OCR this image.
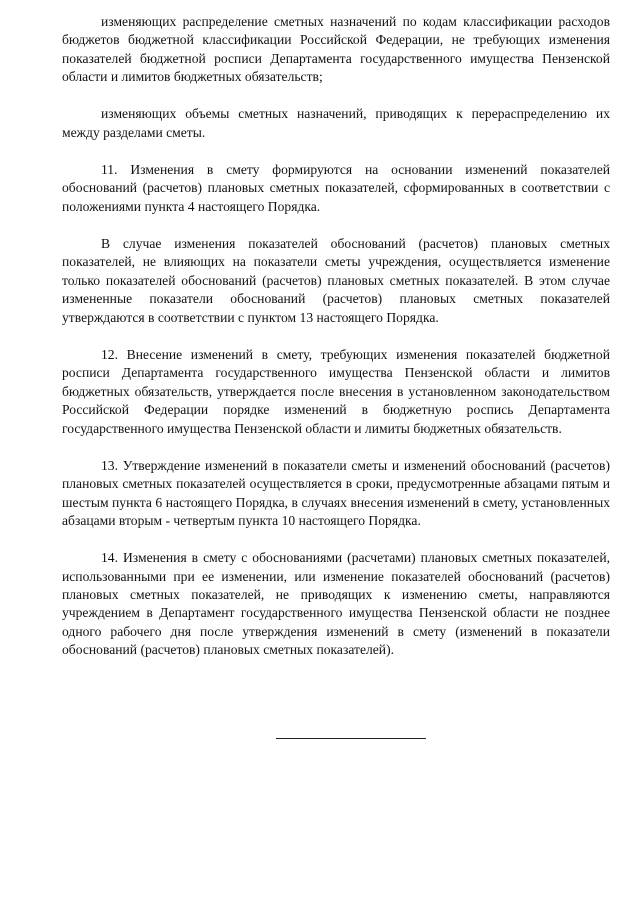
изменяющих распределение сметных назначений по кодам классификации расходов бюджетов бюджетной классификации Российской Федерации, не требующих изменения показателей бюджетной росписи Департамента государственного имущества Пензенской области и лимитов бюджетных обязательств;

изменяющих объемы сметных назначений, приводящих к перераспределению их между разделами сметы.

11. Изменения в смету формируются на основании изменений показателей обоснований (расчетов) плановых сметных показателей, сформированных в соответствии с положениями пункта 4 настоящего Порядка.

В случае изменения показателей обоснований (расчетов) плановых сметных показателей, не влияющих на показатели сметы учреждения, осуществляется изменение только показателей обоснований (расчетов) плановых сметных показателей. В этом случае измененные показатели обоснований (расчетов) плановых сметных показателей утверждаются в соответствии с пунктом 13 настоящего Порядка.

12. Внесение изменений в смету, требующих изменения показателей бюджетной росписи Департамента государственного имущества Пензенской области и лимитов бюджетных обязательств, утверждается после внесения в установленном законодательством Российской Федерации порядке изменений в бюджетную роспись Департамента государственного имущества Пензенской области и лимиты бюджетных обязательств.

13. Утверждение изменений в показатели сметы и изменений обоснований (расчетов) плановых сметных показателей осуществляется в сроки, предусмотренные абзацами пятым и шестым пункта 6 настоящего Порядка, в случаях внесения изменений в смету, установленных абзацами вторым - четвертым пункта 10 настоящего Порядка.

14. Изменения в смету с обоснованиями (расчетами) плановых сметных показателей, использованными при ее изменении, или изменение показателей обоснований (расчетов) плановых сметных показателей, не приводящих к изменению сметы, направляются учреждением в Департамент государственного имущества Пензенской области не позднее одного рабочего дня после утверждения изменений в смету (изменений в показатели обоснований (расчетов) плановых сметных показателей).
